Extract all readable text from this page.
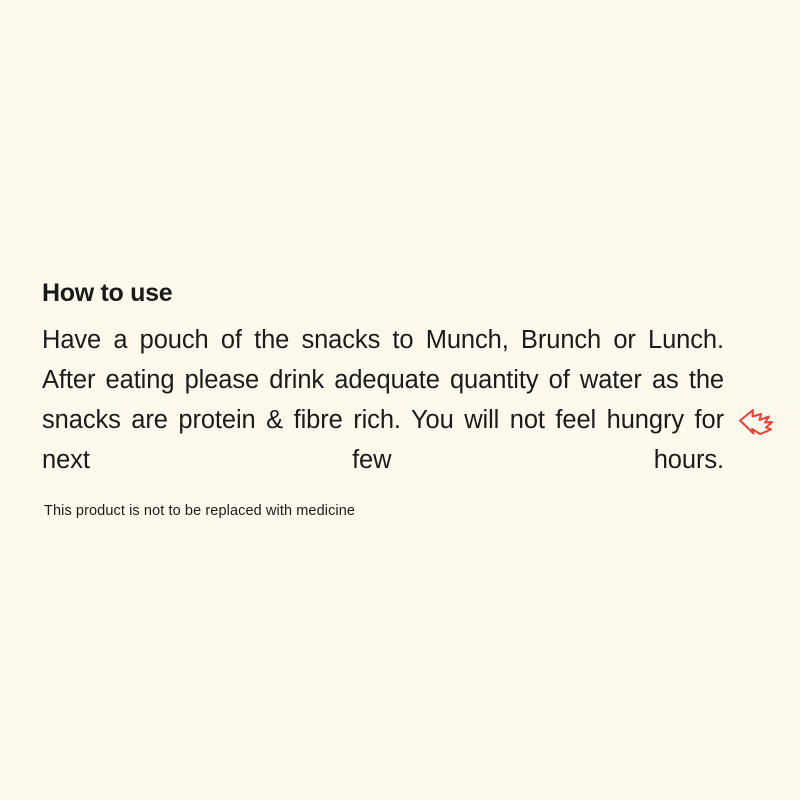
How to use

Have a pouch of the snacks to Munch, Brunch or Lunch. After eating please drink adequate quantity of water as the snacks are protein & fibre rich. You will not feel hungry for next few hours.

This product is not to be replaced with medicine
